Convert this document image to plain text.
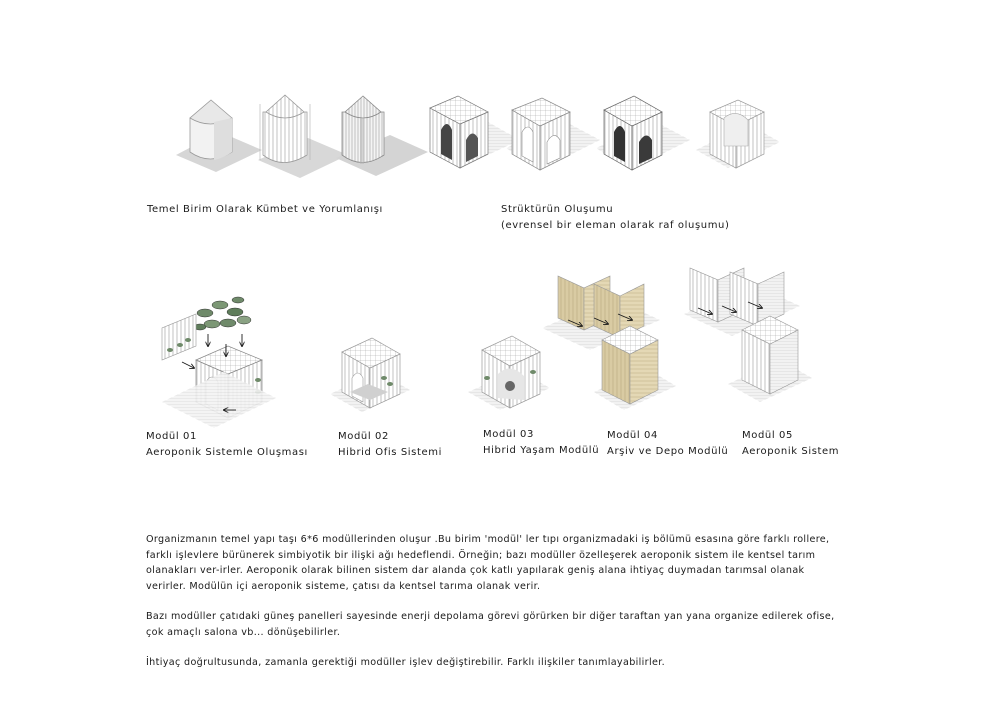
Temel Birim Olarak Kümbet ve Yorumlanışı	Strüktürün Oluşumu
(evrensel bir eleman olarak raf oluşumu)
Modül 01
Aeroponik Sistemle Oluşması
Modül 02
Hibrid Ofis Sistemi
Modül 03
Hibrid Yaşam Modülü
Modül 04
Arşiv ve Depo Modülü
Modül 05
Aeroponik Sistem
Organizmanın temel yapı taşı 6*6 modüllerinden oluşur .Bu birim 'modül' ler tıpı organizmadaki iş bölümü esasına göre farklı rollere, farklı işlevlere bürünerek simbiyotik bir ilişki ağı hedeflendi. Örneğin; bazı modüller özelleşerek aeroponik sistem ile kentsel tarım olanakları ver-irler. Aeroponik olarak bilinen sistem dar alanda çok katlı yapılarak geniş alana ihtiyaç duymadan tarımsal olanak verirler. Modülün içi aeroponik sisteme, çatısı da kentsel tarıma olanak verir.
Bazı modüller çatıdaki güneş panelleri sayesinde enerji depolama görevi görürken bir diğer taraftan yan yana organize edilerek ofise, çok amaçlı salona vb... dönüşebilirler.
İhtiyaç doğrultusunda, zamanla gerektiği modüller işlev değiştirebilir. Farklı ilişkiler tanımlayabilirler.
